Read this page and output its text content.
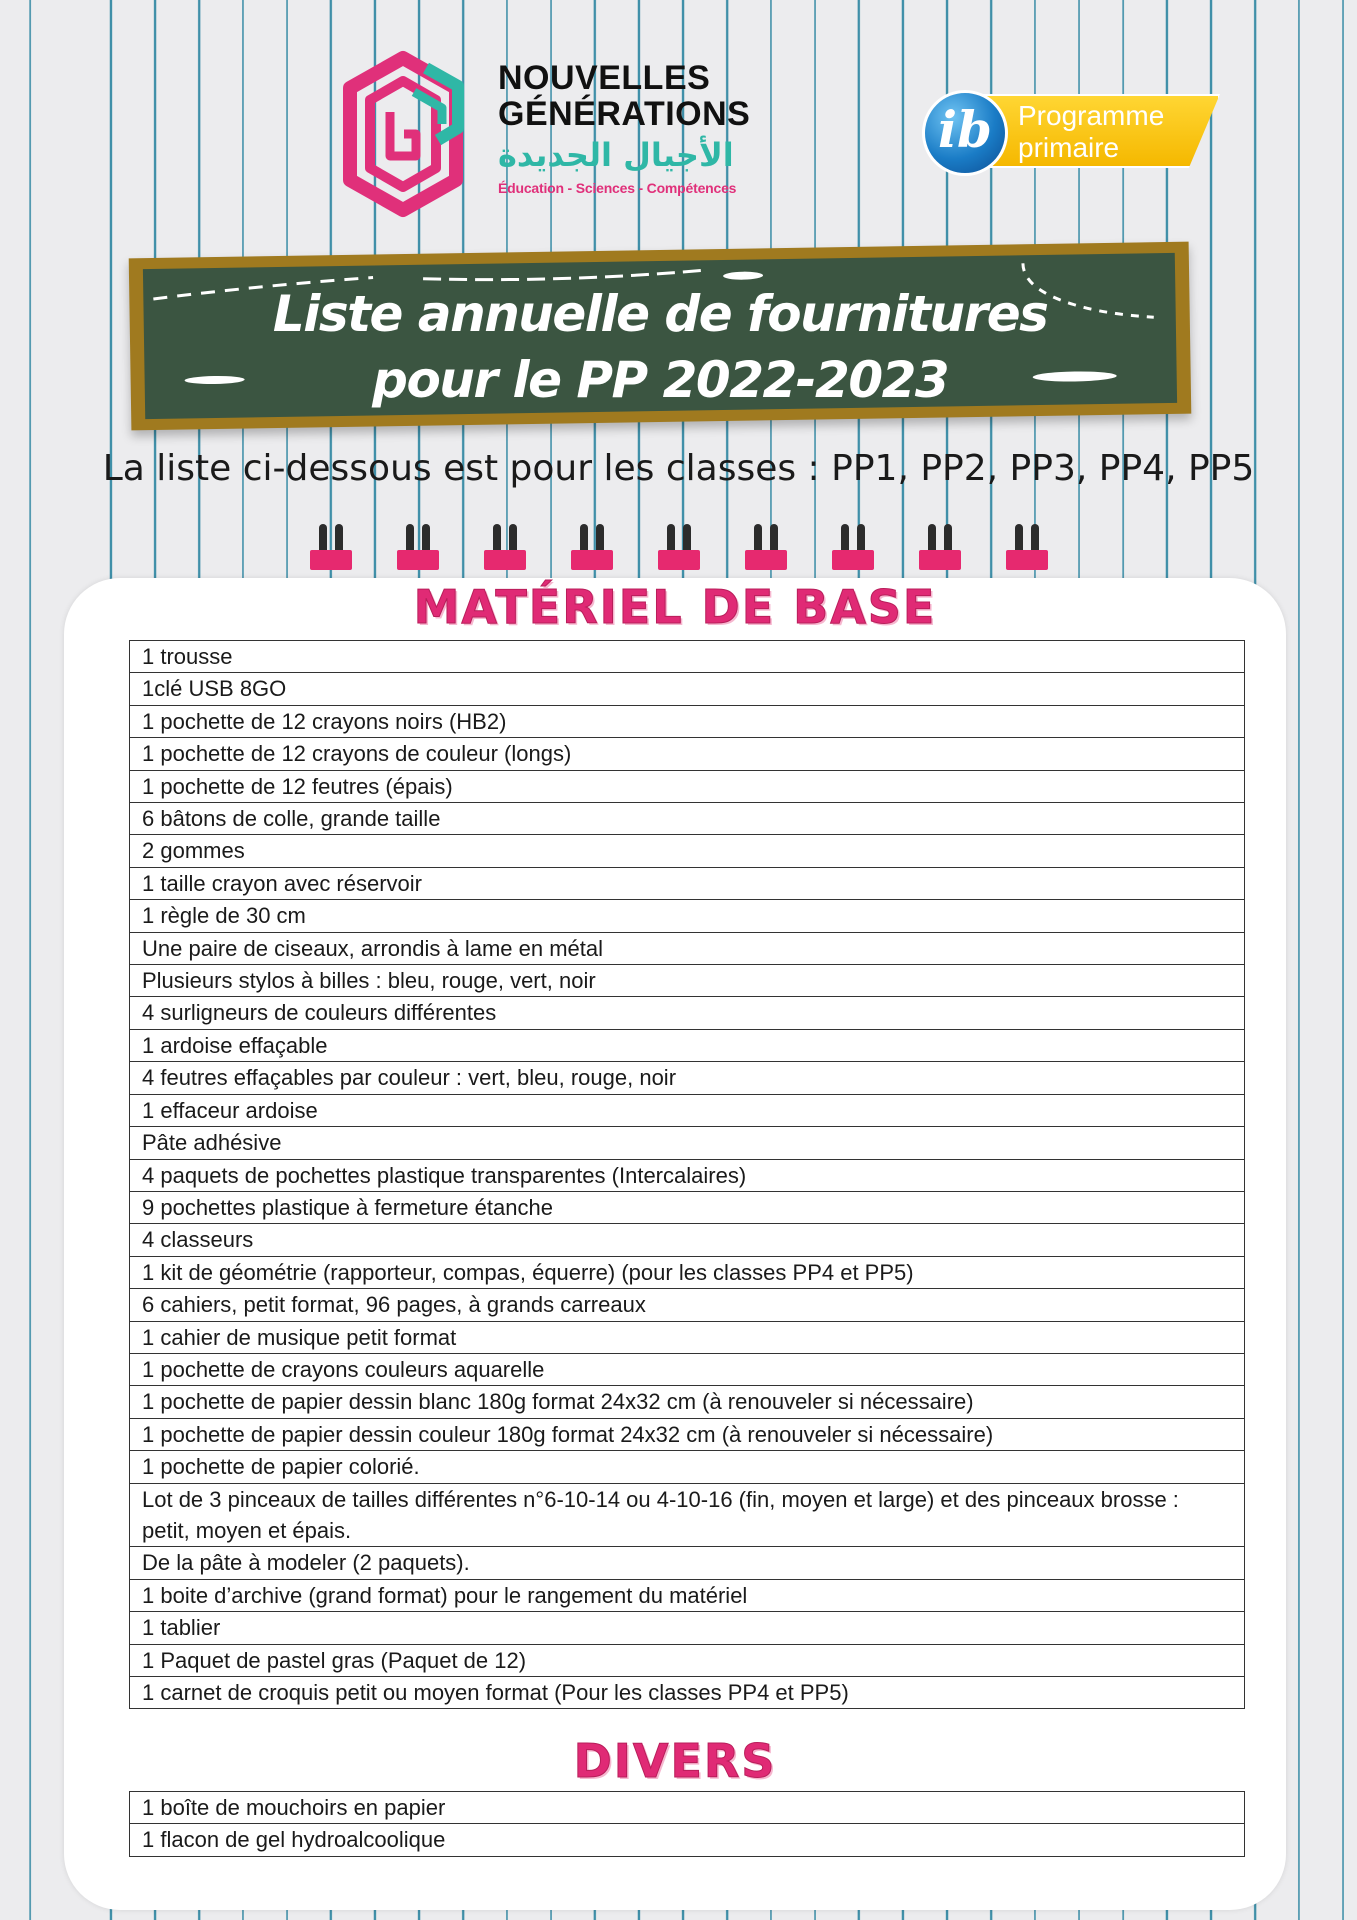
NOUVELLES
GÉNÉRATIONS
الأجيال الجديدة
Éducation - Sciences - Compétences
ib Programme
primaire
Liste annuelle de fournitures
pour le PP 2022-2023
La liste ci-dessous est pour les classes : PP1, PP2, PP3, PP4, PP5
MATÉRIEL DE BASE
1 trousse
1clé USB 8GO
1 pochette de 12 crayons noirs (HB2)
1 pochette de 12 crayons de couleur (longs)
1 pochette de 12 feutres (épais)
6 bâtons de colle, grande taille
2 gommes
1 taille crayon avec réservoir
1 règle de 30 cm
Une paire de ciseaux, arrondis à lame en métal
Plusieurs stylos à billes : bleu, rouge, vert, noir
4 surligneurs de couleurs différentes
1 ardoise effaçable
4 feutres effaçables par couleur : vert, bleu, rouge, noir
1 effaceur ardoise
Pâte adhésive
4 paquets de pochettes plastique transparentes (Intercalaires)
9 pochettes plastique à fermeture étanche
4 classeurs
1 kit de géométrie (rapporteur, compas, équerre) (pour les classes PP4 et PP5)
6 cahiers, petit format, 96 pages, à grands carreaux
1 cahier de musique petit format
1 pochette de crayons couleurs aquarelle
1 pochette de papier dessin blanc 180g format 24x32 cm (à renouveler si nécessaire)
1 pochette de papier dessin couleur 180g format 24x32 cm (à renouveler si nécessaire)
1 pochette de papier colorié.
Lot de 3 pinceaux de tailles différentes n°6-10-14 ou 4-10-16 (fin, moyen et large) et des pinceaux brosse : petit, moyen et épais.
De la pâte à modeler (2 paquets).
1 boite d’archive (grand format) pour le rangement du matériel
1 tablier
1 Paquet de pastel gras (Paquet de 12)
1 carnet de croquis petit ou moyen format (Pour les classes PP4 et PP5)
DIVERS
1 boîte de mouchoirs en papier
1 flacon de gel hydroalcoolique
